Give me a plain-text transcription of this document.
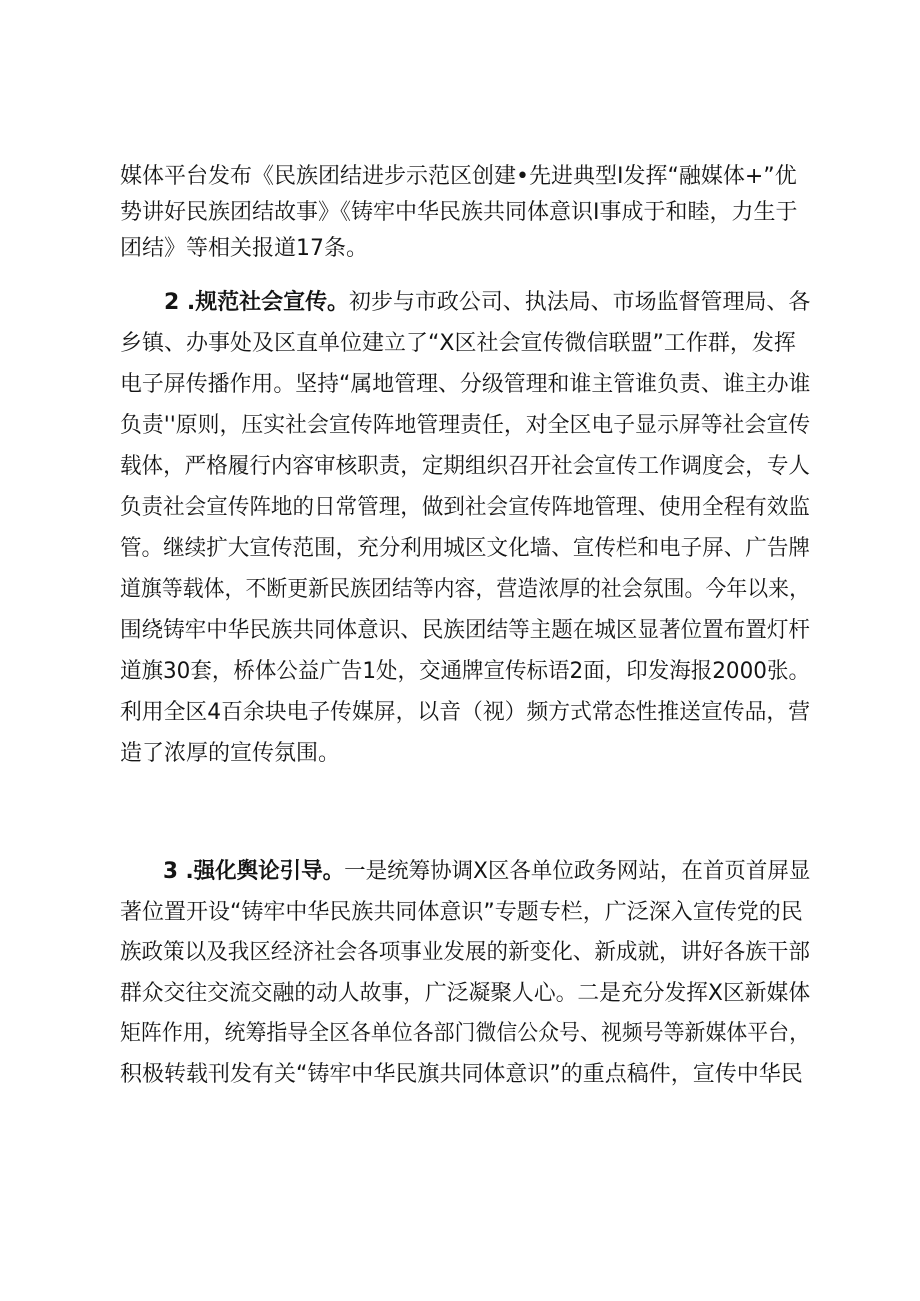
媒体平台发布《民族团结进步示范区创建•先进典型I发挥“融媒体+”优
势讲好民族团结故事》《铸牢中华民族共同体意识I事成于和睦，力生于
团结》等相关报道17条。
2 .规范社会宣传。初步与市政公司、执法局、市场监督管理局、各
乡镇、办事处及区直单位建立了“X区社会宣传微信联盟”工作群，发挥
电子屏传播作用。坚持“属地管理、分级管理和谁主管谁负责、谁主办谁
负责''原则，压实社会宣传阵地管理责任，对全区电子显示屏等社会宣传
载体，严格履行内容审核职责，定期组织召开社会宣传工作调度会，专人
负责社会宣传阵地的日常管理，做到社会宣传阵地管理、使用全程有效监
管。继续扩大宣传范围，充分利用城区文化墙、宣传栏和电子屏、广告牌
道旗等载体，不断更新民族团结等内容，营造浓厚的社会氛围。今年以来，
围绕铸牢中华民族共同体意识、民族团结等主题在城区显著位置布置灯杆
道旗30套，桥体公益广告1处，交通牌宣传标语2面，印发海报2000张。
利用全区4百余块电子传媒屏，以音（视）频方式常态性推送宣传品，营
造了浓厚的宣传氛围。
3 .强化舆论引导。一是统筹协调X区各单位政务网站，在首页首屏显
著位置开设“铸牢中华民族共同体意识”专题专栏，广泛深入宣传党的民
族政策以及我区经济社会各项事业发展的新变化、新成就，讲好各族干部
群众交往交流交融的动人故事，广泛凝聚人心。二是充分发挥X区新媒体
矩阵作用，统筹指导全区各单位各部门微信公众号、视频号等新媒体平台，
积极转载刊发有关“铸牢中华民旗共同体意识”的重点稿件，宣传中华民
